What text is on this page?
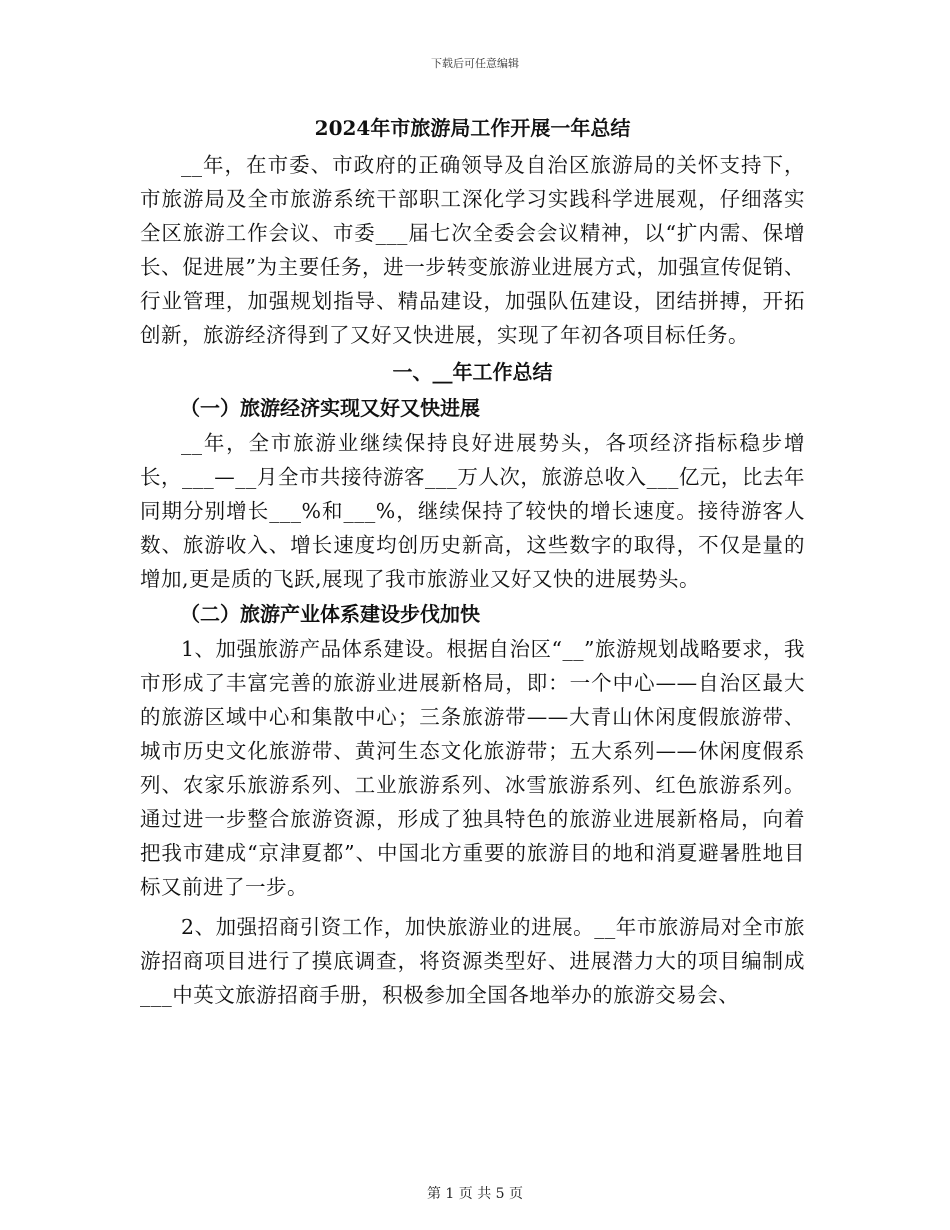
下载后可任意编辑
2024年市旅游局工作开展一年总结

__年，在市委、市政府的正确领导及自治区旅游局的关怀支持下，市旅游局及全市旅游系统干部职工深化学习实践科学进展观，仔细落实全区旅游工作会议、市委___届七次全委会会议精神，以“扩内需、保增长、促进展”为主要任务，进一步转变旅游业进展方式，加强宣传促销、行业管理，加强规划指导、精品建设，加强队伍建设，团结拼搏，开拓创新，旅游经济得到了又好又快进展，实现了年初各项目标任务。

一、__年工作总结
（一）旅游经济实现又好又快进展

__年，全市旅游业继续保持良好进展势头，各项经济指标稳步增长，___—__月全市共接待游客___万人次，旅游总收入___亿元，比去年同期分别增长___%和___%，继续保持了较快的增长速度。接待游客人数、旅游收入、增长速度均创历史新高，这些数字的取得，不仅是量的增加,更是质的飞跃,展现了我市旅游业又好又快的进展势头。

（二）旅游产业体系建设步伐加快

1、加强旅游产品体系建设。根据自治区“__”旅游规划战略要求，我市形成了丰富完善的旅游业进展新格局，即：一个中心——自治区最大的旅游区域中心和集散中心；三条旅游带——大青山休闲度假旅游带、城市历史文化旅游带、黄河生态文化旅游带；五大系列——休闲度假系列、农家乐旅游系列、工业旅游系列、冰雪旅游系列、红色旅游系列。通过进一步整合旅游资源，形成了独具特色的旅游业进展新格局，向着把我市建成“京津夏都”、中国北方重要的旅游目的地和消夏避暑胜地目标又前进了一步。

2、加强招商引资工作，加快旅游业的进展。__年市旅游局对全市旅游招商项目进行了摸底调查，将资源类型好、进展潜力大的项目编制成___中英文旅游招商手册，积极参加全国各地举办的旅游交易会、

第 1 页 共 5 页
